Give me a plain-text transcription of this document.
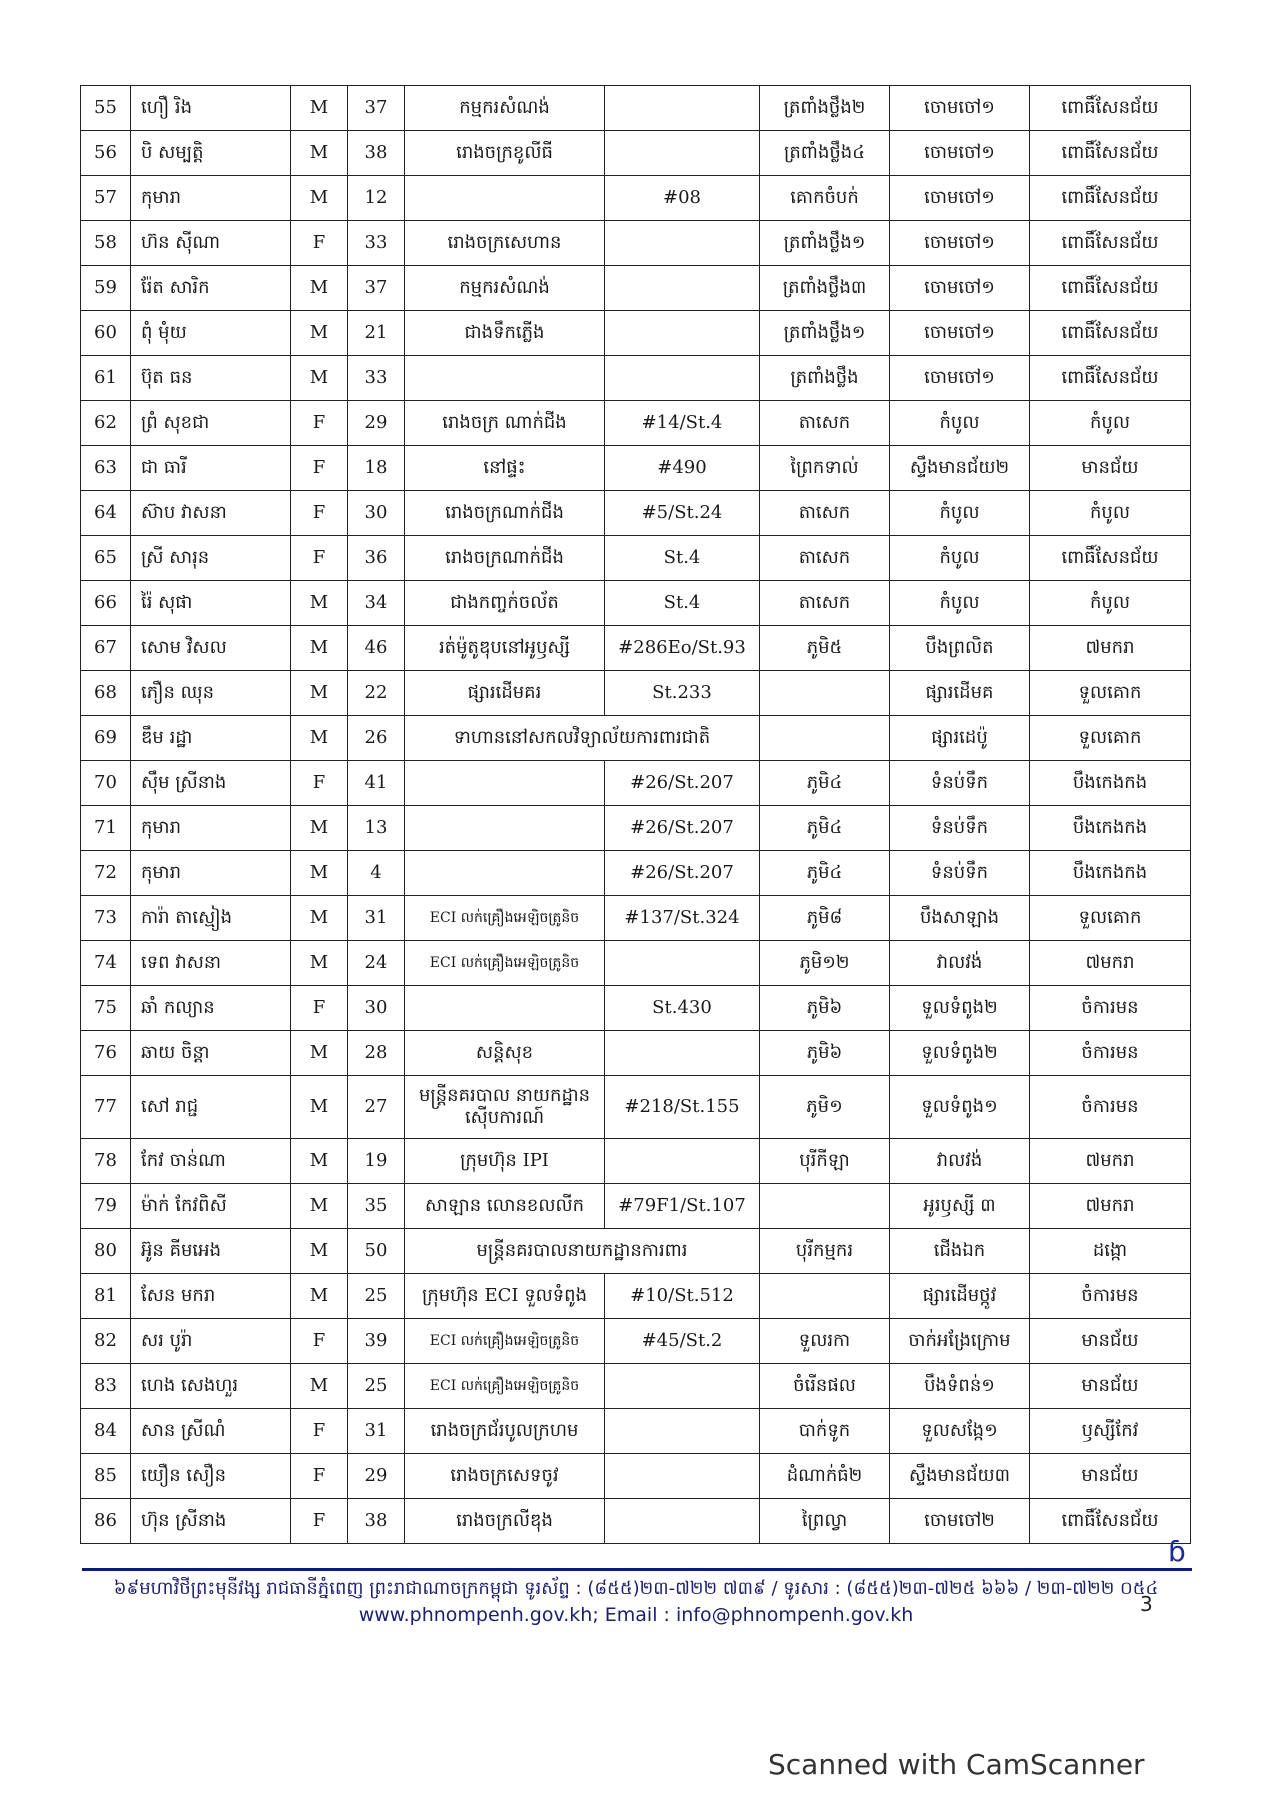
55	ហឿ រិង	M	37	កម្មករសំណង់		ត្រពាំងថ្លឹង២	ចោមចៅ១	ពោធិ៍សែនជ័យ
56	បិ សម្បត្តិ	M	38	រោងចក្រខូលីធី		ត្រពាំងថ្លឹង៤	ចោមចៅ១	ពោធិ៍សែនជ័យ
57	កុមារា	M	12		#08	គោកចំបក់	ចោមចៅ១	ពោធិ៍សែនជ័យ
58	ហ៊ន ស៊ីណា	F	33	រោងចក្រសេហាន		ត្រពាំងថ្លឹង១	ចោមចៅ១	ពោធិ៍សែនជ័យ
59	រ៉ែត សារិក	M	37	កម្មករសំណង់		ត្រពាំងថ្លឹង៣	ចោមចៅ១	ពោធិ៍សែនជ័យ
60	ពុំ មុំយ	M	21	ជាងទឹកភ្លើង		ត្រពាំងថ្លឹង១	ចោមចៅ១	ពោធិ៍សែនជ័យ
61	ប៊ុត ធន	M	33			ត្រពាំងថ្លឹង	ចោមចៅ១	ពោធិ៍សែនជ័យ
62	ព្រំ សុខជា	F	29	រោងចក្រ ណាក់ជីង	#14/St.4	តាសេក	កំបូល	កំបូល
63	ជា ធារី	F	18	នៅផ្ទះ	#490	ព្រៃកទាល់	ស្ទឹងមានជ័យ២	មានជ័យ
64	ស៊ាប វាសនា	F	30	រោងចក្រណាក់ជីង	#5/St.24	តាសេក	កំបូល	កំបូល
65	ស្រី សារុន	F	36	រោងចក្រណាក់ជីង	St.4	តាសេក	កំបូល	ពោធិ៍សែនជ័យ
66	រ៉ៃ សុផា	M	34	ជាងកញ្ចក់ចល័ត	St.4	តាសេក	កំបូល	កំបូល
67	សោម វិសល	M	46	រត់ម៉ូតូឌុបនៅអូឫស្សី	#286Eo/St.93	ភូមិ៥	បឹងព្រលិត	៧មករា
68	ភឿន ឈុន	M	22	ផ្សារដើមគរ	St.233		ផ្សារដើមគ	ទួលគោក
69	ឌឹម រដ្ឋា	M	26	ទាហាននៅសកលវិទ្យាល័យការពារជាតិ			ផ្សារដេប៉ូ	ទួលគោក
70	ស៊ឹម ស្រីនាង	F	41		#26/St.207	ភូមិ៤	ទំនប់ទឹក	បឹងកេងកង
71	កុមារា	M	13		#26/St.207	ភូមិ៤	ទំនប់ទឹក	បឹងកេងកង
72	កុមារា	M	4		#26/St.207	ភូមិ៤	ទំនប់ទឹក	បឹងកេងកង
73	ការ៉ា តាស្មៀង	M	31	ECI លក់គ្រឿងអេឡិចត្រូនិច	#137/St.324	ភូមិ៨	បឹងសាឡាង	ទួលគោក
74	ទេព វាសនា	M	24	ECI លក់គ្រឿងអេឡិចត្រូនិច		ភូមិ១២	វាលវង់	៧មករា
75	ឆាំ កល្យាន	F	30		St.430	ភូមិ៦	ទួលទំពូង២	ចំការមន
76	ឆាយ ចិន្តា	M	28	សន្តិសុខ		ភូមិ៦	ទួលទំពូង២	ចំការមន
77	សៅ រាជ្ជ	M	27	មន្ត្រីនគរបាល នាយកដ្ឋានស៊ើបការណ៍	#218/St.155	ភូមិ១	ទួលទំពូង១	ចំការមន
78	កែវ ចាន់ណា	M	19	ក្រុមហ៊ុន IPI		បុរីកីឡា	វាលវង់	៧មករា
79	ម៉ាក់ កែវពិសី	M	35	សាឡាន លោនខលលីក	#79F1/St.107		អូរឫស្សី ៣	៧មករា
80	អ៊ូន គីមអេង	M	50	មន្ត្រីនគរបាលនាយកដ្ឋានការពារ		បុរីកម្មករ	ជើងឯក	ដង្កោ
81	សែន មករា	M	25	ក្រុមហ៊ុន ECI ទួលទំពូង	#10/St.512		ផ្សារដើមថ្កូវ	ចំការមន
82	សរ បូរ៉ា	F	39	ECI លក់គ្រឿងអេឡិចត្រូនិច	#45/St.2	ទួលរកា	ចាក់អង្រែក្រោម	មានជ័យ
83	ហេង សេងហួរ	M	25	ECI លក់គ្រឿងអេឡិចត្រូនិច		ចំរើនផល	បឹងទំពន់១	មានជ័យ
84	សាន ស្រីណំ	F	31	រោងចក្រជ័របូលក្រហម		បាក់ទូក	ទួលសង្កែ១	ឫស្សីកែវ
85	យឿន សឿន	F	29	រោងចក្រសេទចូវ		ដំណាក់ធំ២	ស្ទឹងមានជ័យ៣	មានជ័យ
86	ហ៊ុន ស្រីនាង	F	38	រោងចក្រលីឌុង		ព្រៃល្វា	ចោមចៅ២	ពោធិ៍សែនជ័យ
ɓ
៦៩មហាវិថីព្រះមុនីវង្ស រាជធានីភ្នំពេញ ព្រះរាជាណាចក្រកម្ពុជា ទូរស័ព្ទ : (៨៥៥)២៣-៧២២ ៧៣៩ / ទូរសារ : (៨៥៥)២៣-៧២៥ ៦៦៦ / ២៣-៧២២ ០៥៤
www.phnompenh.gov.kh; Email : info@phnompenh.gov.kh	3
Scanned with CamScanner
